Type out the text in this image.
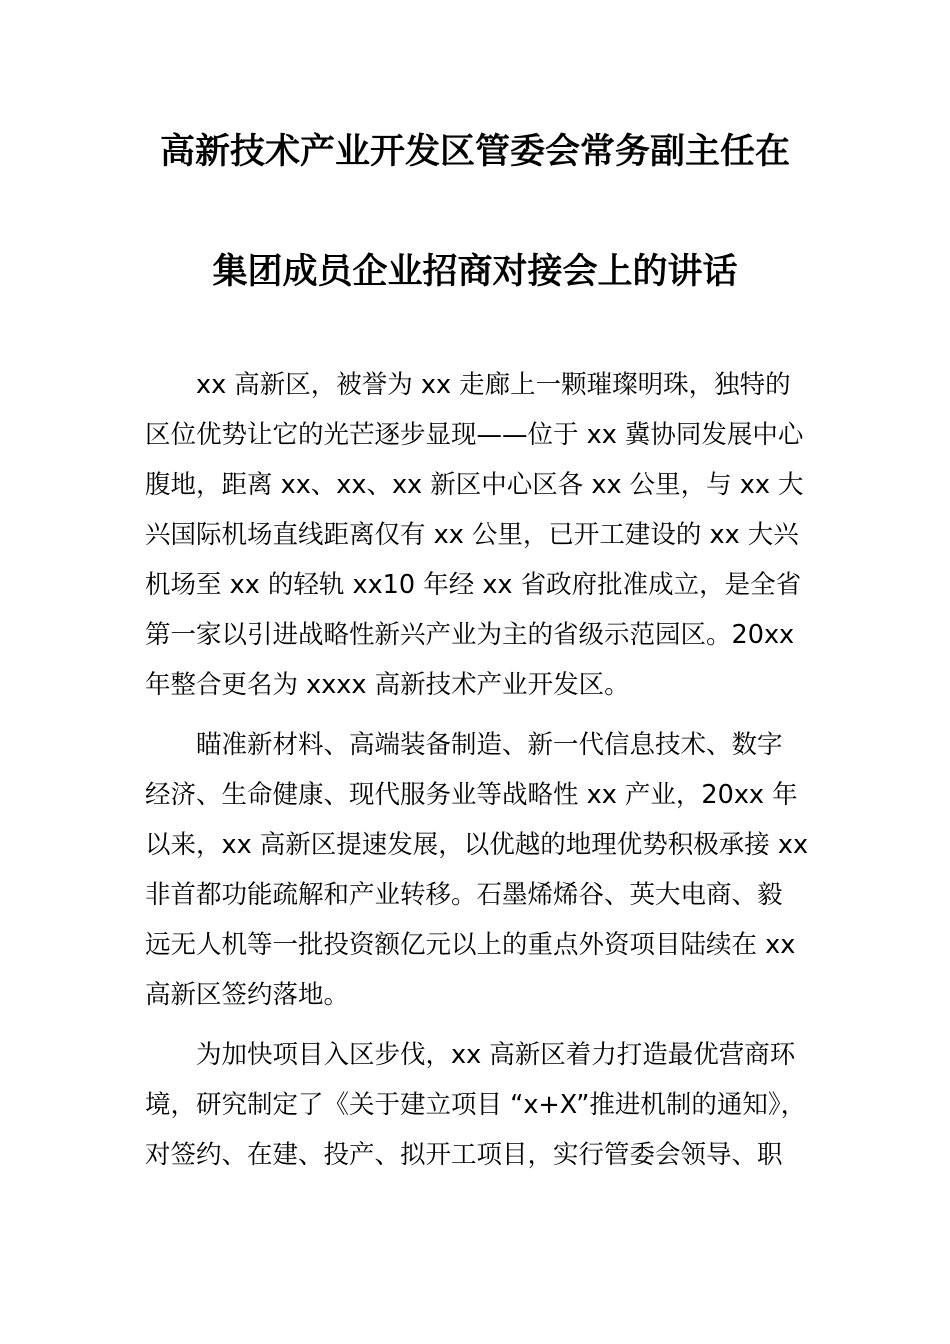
高新技术产业开发区管委会常务副主任在
集团成员企业招商对接会上的讲话
xx 高新区，被誉为 xx 走廊上一颗璀璨明珠，独特的
区位优势让它的光芒逐步显现——位于 xx 冀协同发展中心
腹地，距离 xx、xx、xx 新区中心区各 xx 公里，与 xx 大
兴国际机场直线距离仅有 xx 公里，已开工建设的 xx 大兴
机场至 xx 的轻轨 xx10 年经 xx 省政府批准成立，是全省
第一家以引进战略性新兴产业为主的省级示范园区。20xx
年整合更名为 xxxx 高新技术产业开发区。
瞄准新材料、高端装备制造、新一代信息技术、数字
经济、生命健康、现代服务业等战略性 xx 产业，20xx 年
以来，xx 高新区提速发展，以优越的地理优势积极承接 xx
非首都功能疏解和产业转移。石墨烯烯谷、英大电商、毅
远无人机等一批投资额亿元以上的重点外资项目陆续在 xx
高新区签约落地。
为加快项目入区步伐，xx 高新区着力打造最优营商环
境，研究制定了《关于建立项目 “x+X”推进机制的通知》，
对签约、在建、投产、拟开工项目，实行管委会领导、职
